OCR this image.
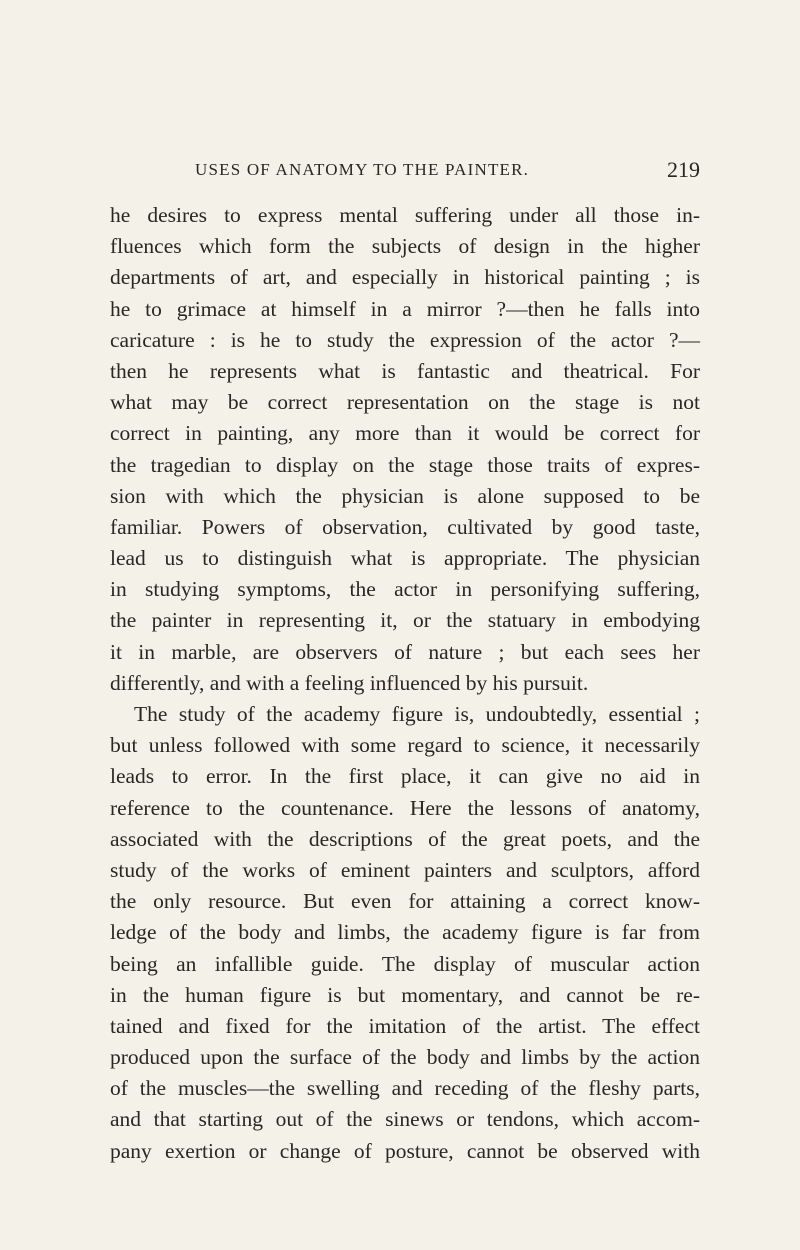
USES OF ANATOMY TO THE PAINTER.	219
he desires to express mental suffering under all those in-
fluences which form the subjects of design in the higher
departments of art, and especially in historical painting ; is
he to grimace at himself in a mirror ?—then he falls into
caricature : is he to study the expression of the actor ?—
then he represents what is fantastic and theatrical. For
what may be correct representation on the stage is not
correct in painting, any more than it would be correct for
the tragedian to display on the stage those traits of expres-
sion with which the physician is alone supposed to be
familiar. Powers of observation, cultivated by good taste,
lead us to distinguish what is appropriate. The physician
in studying symptoms, the actor in personifying suffering,
the painter in representing it, or the statuary in embodying
it in marble, are observers of nature ; but each sees her
differently, and with a feeling influenced by his pursuit.
The study of the academy figure is, undoubtedly, essential ;
but unless followed with some regard to science, it necessarily
leads to error. In the first place, it can give no aid in
reference to the countenance. Here the lessons of anatomy,
associated with the descriptions of the great poets, and the
study of the works of eminent painters and sculptors, afford
the only resource. But even for attaining a correct know-
ledge of the body and limbs, the academy figure is far from
being an infallible guide. The display of muscular action
in the human figure is but momentary, and cannot be re-
tained and fixed for the imitation of the artist. The effect
produced upon the surface of the body and limbs by the action
of the muscles—the swelling and receding of the fleshy parts,
and that starting out of the sinews or tendons, which accom-
pany exertion or change of posture, cannot be observed with
